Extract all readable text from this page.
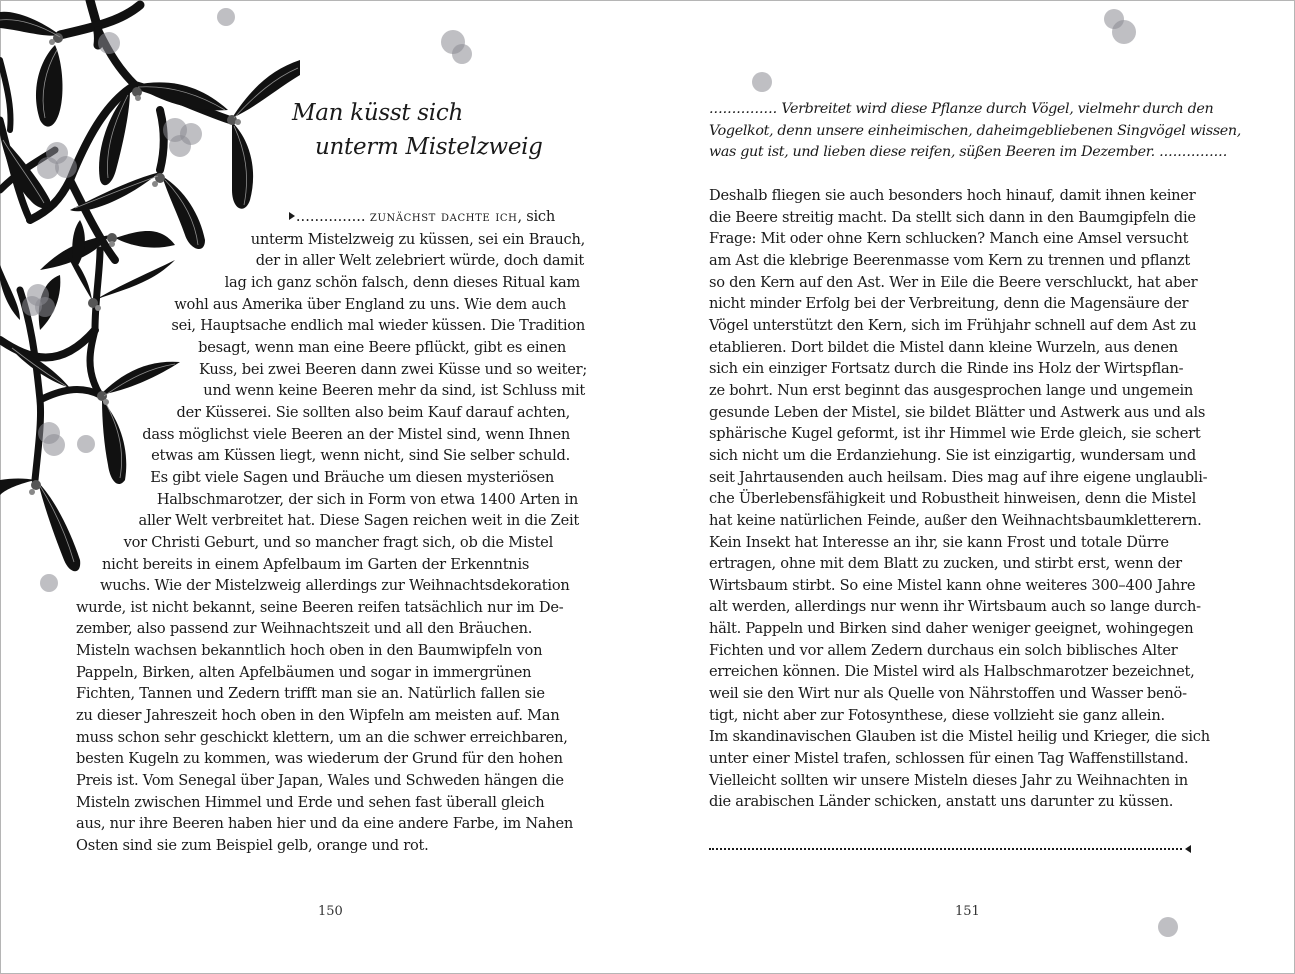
Man küsst sich
unterm Mistelzweig
............... zunächst dachte ich, sich
unterm Mistelzweig zu küssen, sei ein Brauch,
der in aller Welt zelebriert würde, doch damit
lag ich ganz schön falsch, denn dieses Ritual kam
wohl aus Amerika über England zu uns. Wie dem auch
sei, Hauptsache endlich mal wieder küssen. Die Tradition
besagt, wenn man eine Beere pflückt, gibt es einen
Kuss, bei zwei Beeren dann zwei Küsse und so weiter;
und wenn keine Beeren mehr da sind, ist Schluss mit
der Küsserei. Sie sollten also beim Kauf darauf achten,
dass möglichst viele Beeren an der Mistel sind, wenn Ihnen
etwas am Küssen liegt, wenn nicht, sind Sie selber schuld.
Es gibt viele Sagen und Bräuche um diesen mysteriösen
Halbschmarotzer, der sich in Form von etwa 1400 Arten in
aller Welt verbreitet hat. Diese Sagen reichen weit in die Zeit
vor Christi Geburt, und so mancher fragt sich, ob die Mistel
nicht bereits in einem Apfelbaum im Garten der Erkenntnis
wuchs. Wie der Mistelzweig allerdings zur Weihnachtsdekoration
wurde, ist nicht bekannt, seine Beeren reifen tatsächlich nur im De-
zember, also passend zur Weihnachtszeit und all den Bräuchen.
Misteln wachsen bekanntlich hoch oben in den Baumwipfeln von
Pappeln, Birken, alten Apfelbäumen und sogar in immergrünen
Fichten, Tannen und Zedern trifft man sie an. Natürlich fallen sie
zu dieser Jahreszeit hoch oben in den Wipfeln am meisten auf. Man
muss schon sehr geschickt klettern, um an die schwer erreichbaren,
besten Kugeln zu kommen, was wiederum der Grund für den hohen
Preis ist. Vom Senegal über Japan, Wales und Schweden hängen die
Misteln zwischen Himmel und Erde und sehen fast überall gleich
aus, nur ihre Beeren haben hier und da eine andere Farbe, im Nahen
Osten sind sie zum Beispiel gelb, orange und rot.
150
............... Verbreitet wird diese Pflanze durch Vögel, vielmehr durch den
Vogelkot, denn unsere einheimischen, daheimgebliebenen Singvögel wissen,
was gut ist, und lieben diese reifen, süßen Beeren im Dezember. ...............
Deshalb fliegen sie auch besonders hoch hinauf, damit ihnen keiner
die Beere streitig macht. Da stellt sich dann in den Baumgipfeln die
Frage: Mit oder ohne Kern schlucken? Manch eine Amsel versucht
am Ast die klebrige Beerenmasse vom Kern zu trennen und pflanzt
so den Kern auf den Ast. Wer in Eile die Beere verschluckt, hat aber
nicht minder Erfolg bei der Verbreitung, denn die Magensäure der
Vögel unterstützt den Kern, sich im Frühjahr schnell auf dem Ast zu
etablieren. Dort bildet die Mistel dann kleine Wurzeln, aus denen
sich ein einziger Fortsatz durch die Rinde ins Holz der Wirtspflan-
ze bohrt. Nun erst beginnt das ausgesprochen lange und ungemein
gesunde Leben der Mistel, sie bildet Blätter und Astwerk aus und als
sphärische Kugel geformt, ist ihr Himmel wie Erde gleich, sie schert
sich nicht um die Erdanziehung. Sie ist einzigartig, wundersam und
seit Jahrtausenden auch heilsam. Dies mag auf ihre eigene unglaubli-
che Überlebensfähigkeit und Robustheit hinweisen, denn die Mistel
hat keine natürlichen Feinde, außer den Weihnachtsbaumkletterern.
Kein Insekt hat Interesse an ihr, sie kann Frost und totale Dürre
ertragen, ohne mit dem Blatt zu zucken, und stirbt erst, wenn der
Wirtsbaum stirbt. So eine Mistel kann ohne weiteres 300–400 Jahre
alt werden, allerdings nur wenn ihr Wirtsbaum auch so lange durch-
hält. Pappeln und Birken sind daher weniger geeignet, wohingegen
Fichten und vor allem Zedern durchaus ein solch biblisches Alter
erreichen können. Die Mistel wird als Halbschmarotzer bezeichnet,
weil sie den Wirt nur als Quelle von Nährstoffen und Wasser benö-
tigt, nicht aber zur Fotosynthese, diese vollzieht sie ganz allein.
Im skandinavischen Glauben ist die Mistel heilig und Krieger, die sich
unter einer Mistel trafen, schlossen für einen Tag Waffenstillstand.
Vielleicht sollten wir unsere Misteln dieses Jahr zu Weihnachten in
die arabischen Länder schicken, anstatt uns darunter zu küssen.
151
